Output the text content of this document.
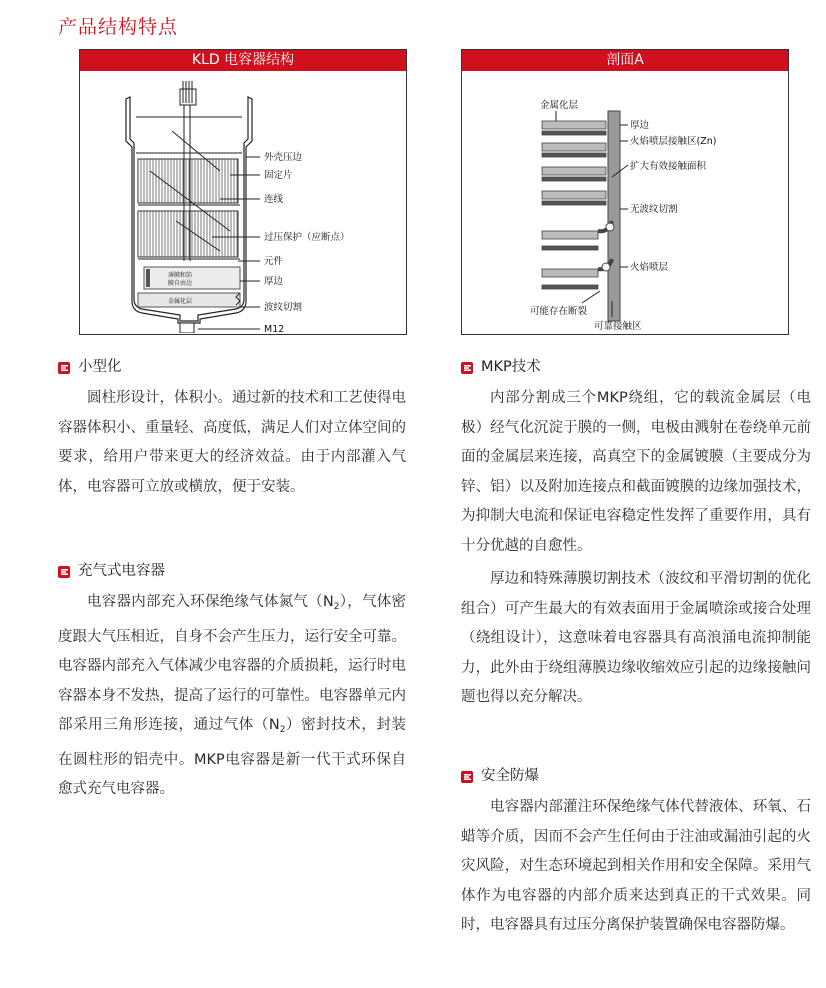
产品结构特点
KLD 电容器结构
薄膜和箔
膜自由边
金属化层
外壳压边
固定片
连线
过压保护（应断点）
元件
厚边
波纹切割
M12
剖面A
金属化层
厚边
火焰喷层接触区(Zn)
扩大有效接触面积
无波纹切割
火焰喷层
可能存在断裂
可靠接触区
小型化

圆柱形设计，体积小。通过新的技术和工艺使得电容器体积小、重量轻、高度低，满足人们对立体空间的要求，给用户带来更大的经济效益。由于内部灌入气体，电容器可立放或横放，便于安装。

充气式电容器

电容器内部充入环保绝缘气体氮气$(N_2)$，气体密度跟大气压相近，自身不会产生压力，运行安全可靠。电容器内部充入气体减少电容器的介质损耗，运行时电容器本身不发热，提高了运行的可靠性。电容器单元内部采用三角形连接，通过气体$(N_2)$密封技术，封装在圆柱形的铝壳中。MKP电容器是新一代干式环保自愈式充气电容器。

MKP技术

内部分割成三个MKP绕组，它的载流金属层（电极）经气化沉淀于膜的一侧，电极由溅射在卷绕单元前面的金属层来连接，高真空下的金属镀膜（主要成分为锌、铝）以及附加连接点和截面镀膜的边缘加强技术，为抑制大电流和保证电容稳定性发挥了重要作用，具有十分优越的自愈性。

厚边和特殊薄膜切割技术（波纹和平滑切割的优化组合）可产生最大的有效表面用于金属喷涂或接合处理（绕组设计），这意味着电容器具有高浪涌电流抑制能力，此外由于绕组薄膜边缘收缩效应引起的边缘接触问题也得以充分解决。

安全防爆

电容器内部灌注环保绝缘气体代替液体、环氧、石蜡等介质，因而不会产生任何由于注油或漏油引起的火灾风险，对生态环境起到相关作用和安全保障。采用气体作为电容器的内部介质来达到真正的干式效果。同时，电容器具有过压分离保护装置确保电容器防爆。
